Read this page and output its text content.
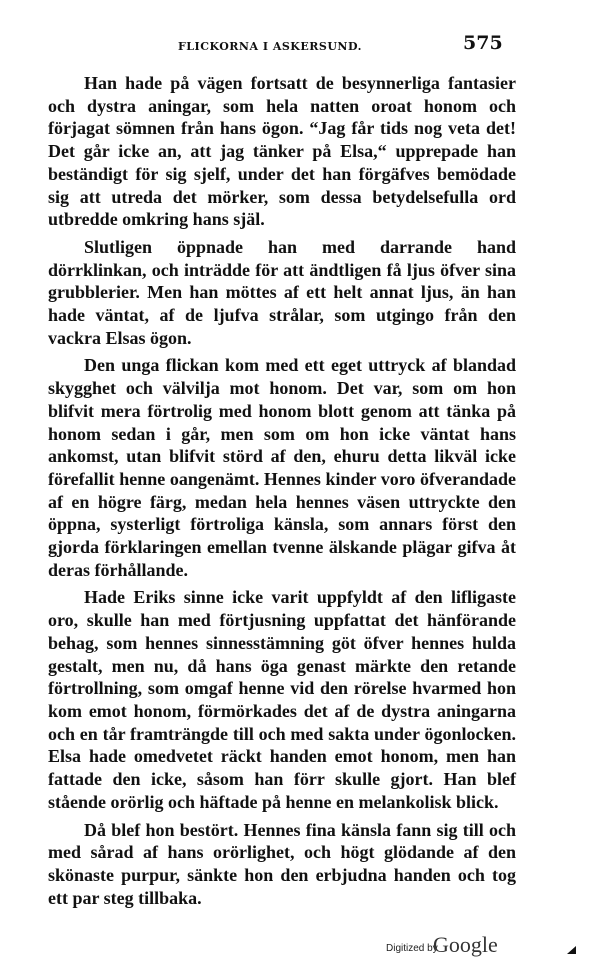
FLICKORNA I ASKERSUND.	575

Han hade på vägen fortsatt de besynnerliga fantasier och dystra aningar, som hela natten oroat honom och förjagat sömnen från hans ögon. “Jag får tids nog veta det! Det går icke an, att jag tänker på Elsa,“ upprepade han beständigt för sig sjelf, under det han förgäfves bemödade sig att utreda det mörker, som dessa betydelsefulla ord utbredde omkring hans själ.

Slutligen öppnade han med darrande hand dörrklinkan, och inträdde för att ändtligen få ljus öfver sina grubblerier. Men han möttes af ett helt annat ljus, än han hade väntat, af de ljufva strålar, som utgingo från den vackra Elsas ögon.

Den unga flickan kom med ett eget uttryck af blandad skygghet och välvilja mot honom. Det var, som om hon blifvit mera förtrolig med honom blott genom att tänka på honom sedan i går, men som om hon icke väntat hans ankomst, utan blifvit störd af den, ehuru detta likväl icke förefallit henne oangenämt. Hennes kinder voro öfverandade af en högre färg, medan hela hennes väsen uttryckte den öppna, systerligt förtroliga känsla, som annars först den gjorda förklaringen emellan tvenne älskande plägar gifva åt deras förhållande.

Hade Eriks sinne icke varit uppfyldt af den lifligaste oro, skulle han med förtjusning uppfattat det hänförande behag, som hennes sinnesstämning göt öfver hennes hulda gestalt, men nu, då hans öga genast märkte den retande förtrollning, som omgaf henne vid den rörelse hvarmed hon kom emot honom, förmörkades det af de dystra aningarna och en tår framträngde till och med sakta under ögonlocken. Elsa hade omedvetet räckt handen emot honom, men han fattade den icke, såsom han förr skulle gjort. Han blef stående orörlig och häftade på henne en melankolisk blick.

Då blef hon bestört. Hennes fina känsla fann sig till och med sårad af hans orörlighet, och högt glödande af den skönaste purpur, sänkte hon den erbjudna handen och tog ett par steg tillbaka.

Digitized by
Google
